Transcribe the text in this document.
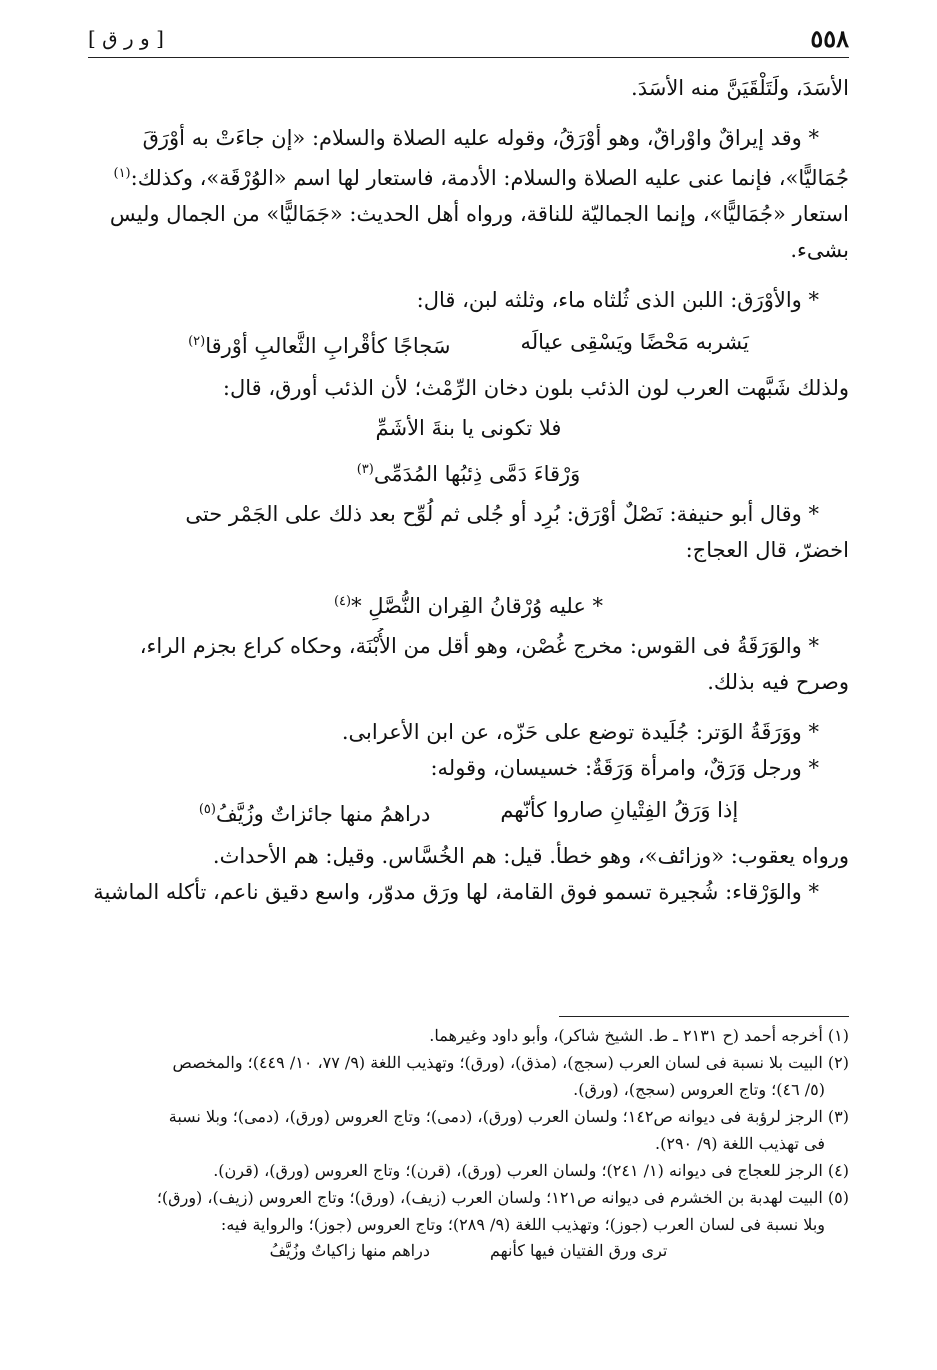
٥٥٨
[ و ر ق ]
الأسَدَ، ولَتَلْقَيَنَّ منه الأسَدَ.
* وقد إيراقٌ واوْراقٌ، وهو أوْرَقُ، وقوله عليه الصلاة والسلام: «إن جاءَتْ به أوْرَقَ
جُمَاليًّا»، فإنما عنى عليه الصلاة والسلام: الأدمة، فاستعار لها اسم «الوُرْقَة»، وكذلك:$^{(١)}$
استعار «جُمَاليًّا»، وإنما الجماليّة للناقة، ورواه أهل الحديث: «جَمَاليًّا» من الجمال وليس
بشىء.
* والأوْرَق: اللبن الذى ثُلثاه ماء، وثلثه لبن، قال:
يَشربه مَحْضًا ويَسْقِى عيالَه
سَجاجًا كأقْرابِ الثَّعالبِ أوْرقا$^{(٢)}$
ولذلك شَبَّهت العرب لون الذئب بلون دخان الرِّمْث؛ لأن الذئب أورق، قال:
فلا تكونى يا بنةَ الأشَمِّ
وَرْقاءَ دَمَّى ذِئبُها المُدَمِّى$^{(٣)}$
* وقال أبو حنيفة: نَصْلٌ أوْرَق: بُرِد أو جُلى ثم لُوِّح بعد ذلك على الجَمْر حتى
اخضرّ، قال العجاج:
* عليه وُرْقانُ القِران النُّصَّلِ *$^{(٤)}$
* والوَرَقَةُ فى القوس: مخرج غُصْن، وهو أقل من الأُبْنَة، وحكاه كراع بجزم الراء،
وصرح فيه بذلك.
* ووَرَقَةُ الوَتر: جُلَيدة توضع على حَزّه، عن ابن الأعرابى.
* ورجل وَرَقٌ، وامرأة وَرَقَةٌ: خسيسان، وقوله:
إذا وَرَقُ الفِتْيانِ صاروا كأنّهم
دراهمُ منها جائزاتٌ وزُيَّفُ$^{(٥)}$
ورواه يعقوب: «وزائف»، وهو خطأ. قيل: هم الخُسَّاس. وقيل: هم الأحداث.
* والوَرْقاء: شُجيرة تسمو فوق القامة، لها ورَق مدوّر، واسع دقيق ناعم، تأكله الماشية
(١) أخرجه أحمد (ح ٢١٣١ ـ ط. الشيخ شاكر)، وأبو داود وغيرهما.
(٢) البيت بلا نسبة فى لسان العرب (سجج)، (مذق)، (ورق)؛ وتهذيب اللغة (٩/ ٧٧، ١٠/ ٤٤٩)؛ والمخصص
(٥/ ٤٦)؛ وتاج العروس (سجج)، (ورق).
(٣) الرجز لرؤبة فى ديوانه ص١٤٢؛ ولسان العرب (ورق)، (دمى)؛ وتاج العروس (ورق)، (دمى)؛ وبلا نسبة
فى تهذيب اللغة (٩/ ٢٩٠).
(٤) الرجز للعجاج فى ديوانه (١/ ٢٤١)؛ ولسان العرب (ورق)، (قرن)؛ وتاج العروس (ورق)، (قرن).
(٥) البيت لهدبة بن الخشرم فى ديوانه ص١٢١؛ ولسان العرب (زيف)، (ورق)؛ وتاج العروس (زيف)، (ورق)؛
وبلا نسبة فى لسان العرب (جوز)؛ وتهذيب اللغة (٩/ ٢٨٩)؛ وتاج العروس (جوز)؛ والرواية فيه:
ترى ورق الفتيان فيها كأنهم
دراهم منها زاكياتٌ وزُيَّفُ
